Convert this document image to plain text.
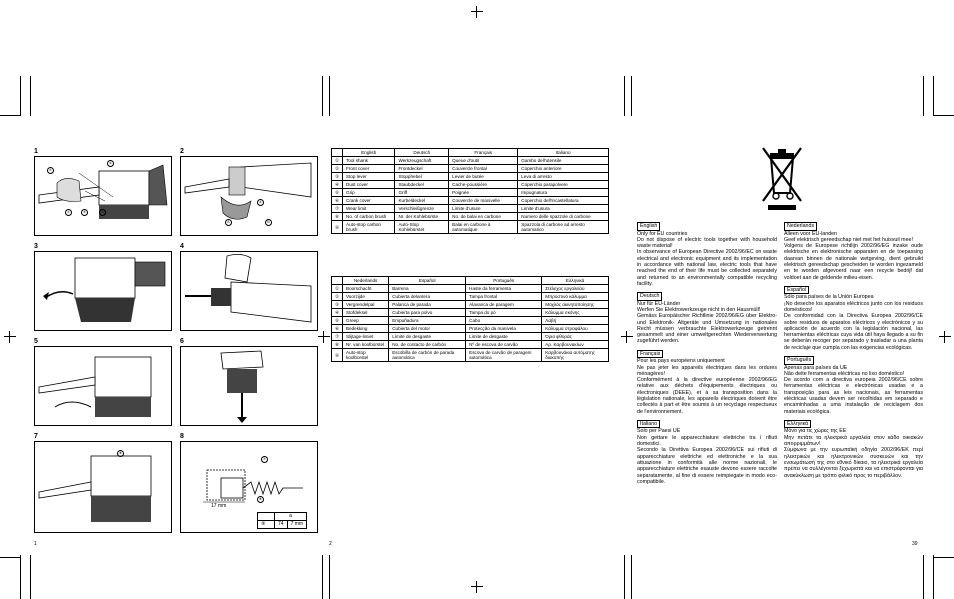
1
②
④
①	③	A
2
⑤
A	B
3	4
5	6
7
⑧
8
⑦
⑧
17 mm
	a	
⑨	74	7 mm
	English	Deutsch	Français	Italiano
①	Tool shank	Werkzeugschaft	Queue d'outil	Gambo dell'utensile
②	Front cover	Frontdeckel	Couvercle frontal	Coperchio anteriore
③	Stop lever	Stopphebel	Levier de butée	Leva di arresto
④	Dust cover	Staubdeckel	Cache-poussière	Coperchio parapolvere
⑤	Grip	Griff	Poignée	Impugnatura
⑥	Crank cover	Kurbeldeckel	Couvercle de manivelle	Coperchio dell'incastellatura
⑦	Wear limit	Verschleißgrenze	Limite d'usure	Limite d'usura
⑧	No. of carbon brush	Nr. der Kohlebürste	No. de balai en carbone	Numero delle spazzole di carbone
⑨	Auto-stop carbon brush	Auto-Stop Kohlebürstet	Balai en carbone à automatique	Spazzola di carbone ad arresto automatico
	Nederlands	Español	Português	Ελληνικά
①	Boorschacht	Barrena	Haste da ferramenta	Στέλεχος εργαλείου
②	Voorzijde	Cubierta delantera	Tampa frontal	Μπροστινό κάλυμμα
③	Vergrendelpal	Palanca de parada	Alavanca de paragem	Μοχλός ακινητοποίησης
④	Stofdeksel	Cubierta para polvo	Tampa do pó	Κάλυμμα σκόνης
⑤	Greep	Empuñadura	Cabo	Λαβή
⑥	Bedekking	Cubierta del motor	Protecção da manivela	Κάλυμμα στροφάλου
⑦	Slijtage-limiet	Límite de desgaste	Limite de desgaste	Όριο φθοράς
⑧	Nr. van koolborstel	No. de contacto de carbón	Nº de escova de carvão	Αρ. Καρβουνακίων
⑨	Auto-stop koolborstel	Escobilla de carbón de parada automática	Escova de carvão de paragem automática	Καρβουνάκια αυτόματης διακοπής
English

Only for EU countries

Do not dispose of electric tools together with household waste material!

In observance of European Directive 2002/96/EC on waste electrical and electronic equipment and its implementation in accordance with national law, electric tools that have reached the end of their life must be collected separately and returned to an environmentally compatible recycling facility.

Deutsch

Nur für EU-Länder

Werfen Sie Elektrowerkzeuge nicht in den Hausmüll!

Gemäss Europäischer Richtlinie 2002/96/EG über Elektro- und Elektronik- Altgeräte und Umsetzung in nationales Recht müssen verbrauchte Elektrowerkzeuge getrennt gesammelt und einer umweltgerechten Wiederverwertung zugeführt werden.

Français

Pour les pays européens uniquement

Ne pas jeter les appareils électriques dans les ordures ménagères!

Conformément à la directive européenne 2002/96/EG relative aux déchets d'équipements électriques ou électroniques (DEEE), et à sa transposition dans la législation nationale, les appareils électriques doivent être collectés à part et être soumis à un recyclage respectueux de l'environnement.

Italiano

Solo per Paesi UE

Non gettare le apparecchiature elettriche tra i rifiuti domestici.

Secondo la Direttiva Europea 2002/96/CE sui rifiuti di apparecchiature elettriche ed elettroniche e la sua attuazione in conformità alle norme nazionali, le apparecchiature elettriche esauste devono essere raccolte separatamente, al fine di essere reimpiegate in modo eco-compatibile.

Nederlands

Alleen voor EU-landen

Geef elektrisch gereedschap niet met het huisvuil mee!

Volgens de Europese richtlijn 2002/96/EG inzake oude elektrische en elektronische apparaten en de toepassing daarvan binnen de nationale wetgeving, dient gebruikt elektrisch gereedschap gescheiden te worden ingezameld en te worden afgevoerd naar een recycle bedrijf dat voldoet aan de geldende milieu-eisen.

Español

Sólo para países de la Unión Europea

¡No deseche los aparatos eléctricos junto con los residuos domésticos!

De conformidad con la Directiva Europea 2002/96/CE sobre residuos de aparatos eléctricos y electrónicos y su aplicación de acuerdo con la legislación nacional, las herramientas eléctricas cuya vida útil haya llegado a su fin se deberán recoger por separado y trasladar a una planta de reciclaje que cumpla con las exigencias ecológicas.

Português

Apenas para países da UE

Não deite ferramentas eléctricas no lixo doméstico!

De acordo com a directiva europeia 2002/96/CE sobre ferramentas eléctricas e electrónicas usadas e a transposição para as leis nacionais, as ferramentas eléctricas usadas devem ser recolhidas em separado e encaminhadas a uma instalação de reciclagem dos materiais ecológica.

Ελληνικά

Μόνο για τις χώρες της ΕΕ

Μην πετάτε τα ηλεκτρικά εργαλεία στον κάδο οικιακών απορριμμάτων!

Σύμφωνα με την ευρωπαϊκή οδηγία 2002/96/EK περί ηλεκτρικών και ηλεκτρονικών συσκευών και την ενσωμάτωσή της στο εθνικό δίκαιο, τα ηλεκτρικά εργαλεία πρέπει να συλλέγονται ξεχωριστά και να επιστρέφονται για ανακύκλωση με τρόπο φιλικό προς το περιβάλλον.

1	2	39
